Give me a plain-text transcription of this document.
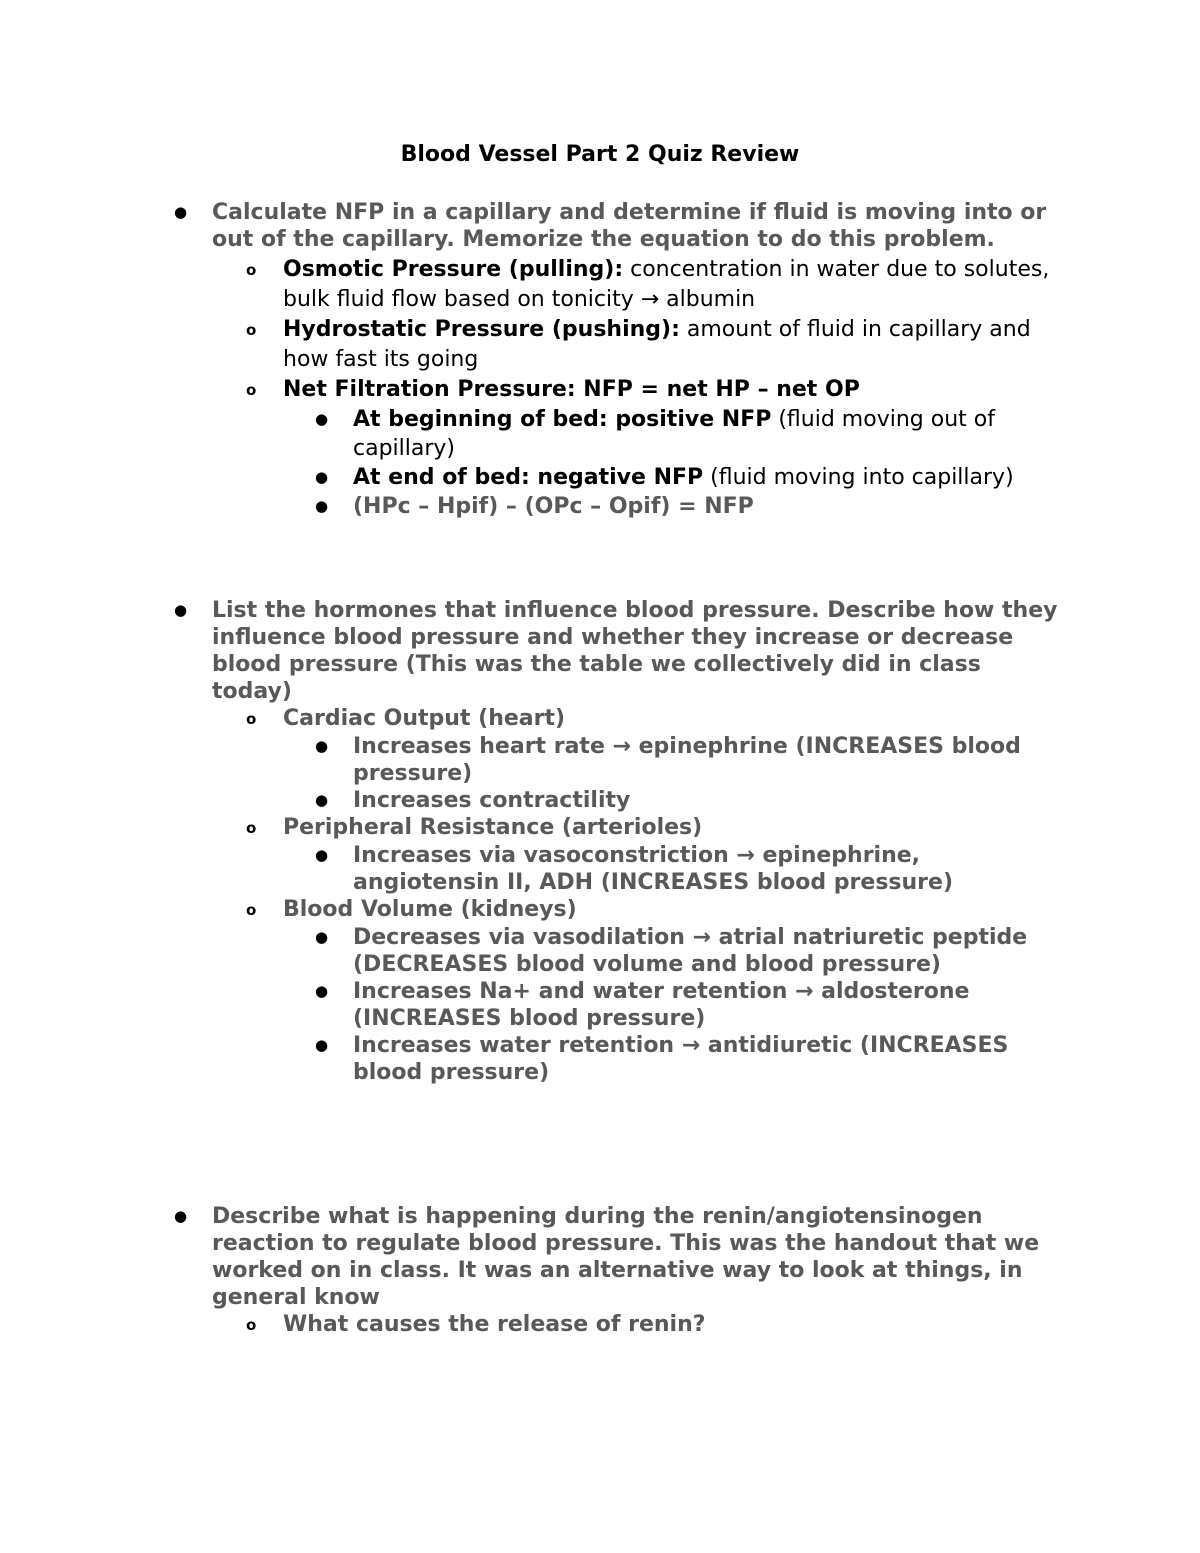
Blood Vessel Part 2 Quiz Review
● Calculate NFP in a capillary and determine if fluid is moving into or out of the capillary. Memorize the equation to do this problem.
o Osmotic Pressure (pulling): concentration in water due to solutes, bulk fluid flow based on tonicity → albumin
o Hydrostatic Pressure (pushing): amount of fluid in capillary and how fast its going
o Net Filtration Pressure: NFP = net HP – net OP
● At beginning of bed: positive NFP (fluid moving out of capillary)
● At end of bed: negative NFP (fluid moving into capillary)
● (HPc – Hpif) – (OPc – Opif) = NFP
● List the hormones that influence blood pressure. Describe how they influence blood pressure and whether they increase or decrease blood pressure (This was the table we collectively did in class today)
o Cardiac Output (heart)
● Increases heart rate → epinephrine (INCREASES blood pressure)
● Increases contractility
o Peripheral Resistance (arterioles)
● Increases via vasoconstriction → epinephrine, angiotensin II, ADH (INCREASES blood pressure)
o Blood Volume (kidneys)
● Decreases via vasodilation → atrial natriuretic peptide (DECREASES blood volume and blood pressure)
● Increases Na+ and water retention → aldosterone (INCREASES blood pressure)
● Increases water retention → antidiuretic (INCREASES blood pressure)
● Describe what is happening during the renin/angiotensinogen reaction to regulate blood pressure. This was the handout that we worked on in class. It was an alternative way to look at things, in general know
o What causes the release of renin?
